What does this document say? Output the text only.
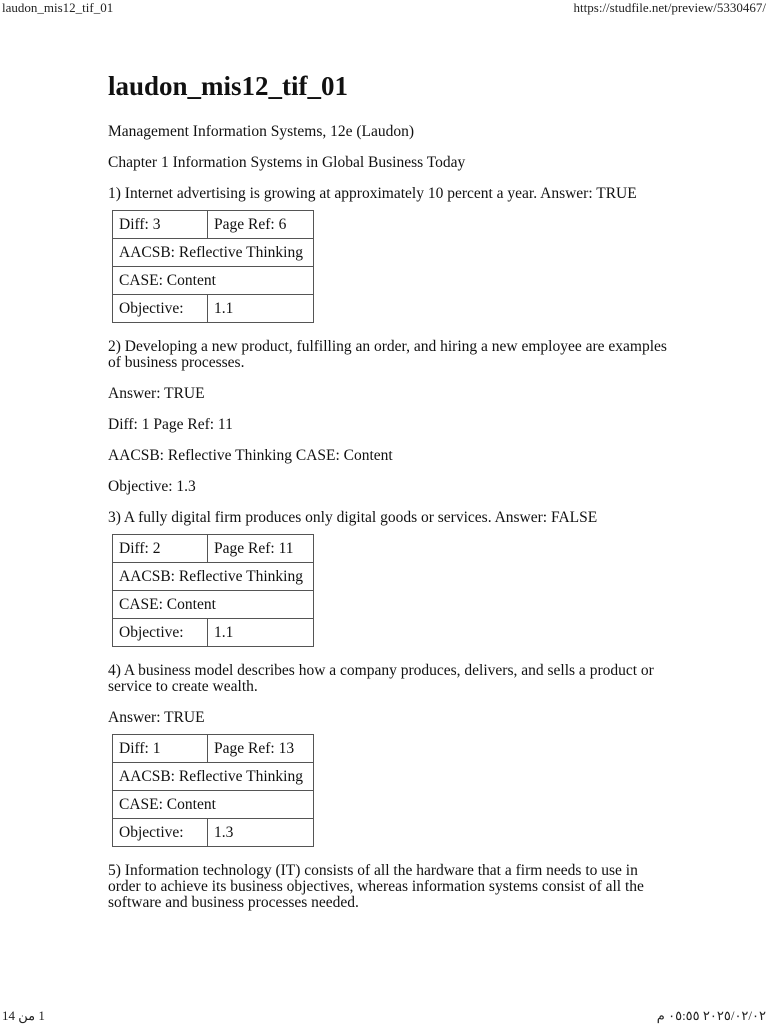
laudon_mis12_tif_01	https://studfile.net/preview/5330467/
laudon_mis12_tif_01

Management Information Systems, 12e (Laudon)

Chapter 1 Information Systems in Global Business Today

1) Internet advertising is growing at approximately 10 percent a year. Answer: TRUE

Diff: 3	Page Ref: 6
AACSB: Reflective Thinking	
CASE: Content	
Objective:	1.1

2) Developing a new product, fulfilling an order, and hiring a new employee are examples of business processes.

Answer: TRUE

Diff: 1 Page Ref: 11

AACSB: Reflective Thinking CASE: Content

Objective: 1.3

3) A fully digital firm produces only digital goods or services. Answer: FALSE

Diff: 2	Page Ref: 11
AACSB: Reflective Thinking	
CASE: Content	
Objective:	1.1

4) A business model describes how a company produces, delivers, and sells a product or service to create wealth.

Answer: TRUE

Diff: 1	Page Ref: 13
AACSB: Reflective Thinking	
CASE: Content	
Objective:	1.3

5) Information technology (IT) consists of all the hardware that a firm needs to use in order to achieve its business objectives, whereas information systems consist of all the software and business processes needed.

1 من 14	٢٠٢٥/٠٢/٠٢ ٠٥:٥٥ م
